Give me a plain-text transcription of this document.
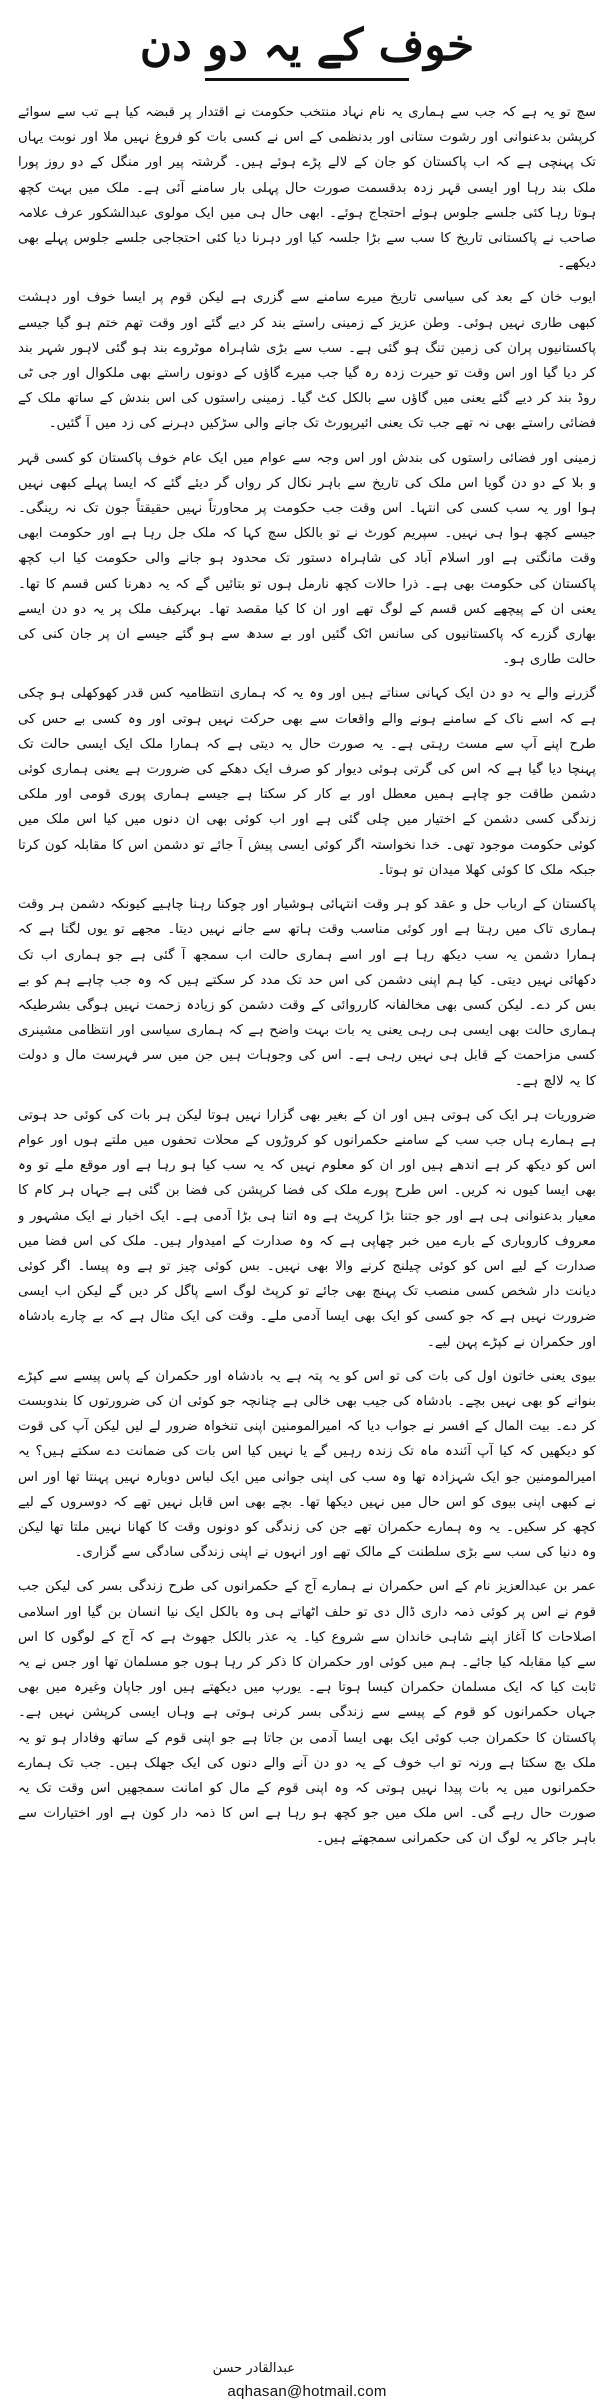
خوف کے یہ دو دن

سچ تو یہ ہے کہ جب سے ہماری یہ نام نہاد منتخب حکومت نے اقتدار پر قبضہ کیا ہے تب سے سوائے کرپشن بدعنوانی اور رشوت ستانی اور بدنظمی کے اس نے کسی بات کو فروغ نہیں ملا اور نوبت یہاں تک پہنچی ہے کہ اب پاکستان کو جان کے لالے پڑے ہوئے ہیں۔ گرشتہ پیر اور منگل کے دو روز پورا ملک بند رہا اور ایسی قہر زدہ بدقسمت صورت حال پہلی بار سامنے آئی ہے۔ ملک میں بہت کچھ ہوتا رہا کئی جلسے جلوس ہوئے احتجاج ہوئے۔ ابھی حال ہی میں ایک مولوی عبدالشکور عرف علامہ صاحب نے پاکستانی تاریخ کا سب سے بڑا جلسہ کیا اور دہرنا دیا کئی احتجاجی جلسے جلوس پہلے بھی دیکھے۔

ایوب خان کے بعد کی سیاسی تاریخ میرے سامنے سے گزری ہے لیکن قوم پر ایسا خوف اور دہشت کبھی طاری نہیں ہوئی۔ وطن عزیز کے زمینی راستے بند کر دیے گئے اور وقت تھم ختم ہو گیا جیسے پاکستانیوں پران کی زمین تنگ ہو گئی ہے۔ سب سے بڑی شاہراہ موٹروے بند ہو گئی لاہور شہر بند کر دیا گیا اور اس وقت تو حیرت زدہ رہ گیا جب میرے گاؤں کے دونوں راستے بھی ملکوال اور جی ٹی روڈ بند کر دیے گئے یعنی میں گاؤں سے بالکل کٹ گیا۔ زمینی راستوں کی اس بندش کے ساتھ ملک کے فضائی راستے بھی نہ تھے جب تک یعنی ائیرپورٹ تک جانے والی سڑکیں دہرنے کی زد میں آ گئیں۔

زمینی اور فضائی راستوں کی بندش اور اس وجہ سے عوام میں ایک عام خوف پاکستان کو کسی قہر و بلا کے دو دن گویا اس ملک کی تاریخ سے باہر نکال کر رواں گر دیئے گئے کہ ایسا پہلے کبھی نہیں ہوا اور یہ سب کسی کی انتہا۔ اس وقت جب حکومت پر محاورتاً نہیں حقیقتاً جون تک نہ رینگی۔ جیسے کچھ ہوا ہی نہیں۔ سپریم کورٹ نے تو بالکل سچ کہا کہ ملک جل رہا ہے اور حکومت ابھی وقت مانگتی ہے اور اسلام آباد کی شاہراہ دستور تک محدود ہو جانے والی حکومت کیا اب کچھ پاکستان کی حکومت بھی ہے۔ ذرا حالات کچھ نارمل ہوں تو بتائیں گے کہ یہ دھرنا کس قسم کا تھا۔ یعنی ان کے پیچھے کس قسم کے لوگ تھے اور ان کا کیا مقصد تھا۔ بہرکیف ملک پر یہ دو دن ایسے بھاری گزرے کہ پاکستانیوں کی سانس اٹک گئیں اور بے سدھ سے ہو گئے جیسے ان پر جان کنی کی حالت طاری ہو۔

گزرنے والے یہ دو دن ایک کہانی سناتے ہیں اور وہ یہ کہ ہماری انتظامیہ کس قدر کھوکھلی ہو چکی ہے کہ اسے ناک کے سامنے ہونے والے واقعات سے بھی حرکت نہیں ہوتی اور وہ کسی بے حس کی طرح اپنے آپ سے مست رہتی ہے۔ یہ صورت حال یہ دیتی ہے کہ ہمارا ملک ایک ایسی حالت تک پہنچا دیا گیا ہے کہ اس کی گرتی ہوئی دیوار کو صرف ایک دھکے کی ضرورت ہے یعنی ہماری کوئی دشمن طاقت جو چاہے ہمیں معطل اور بے کار کر سکتا ہے جیسے ہماری پوری قومی اور ملکی زندگی کسی دشمن کے اختیار میں چلی گئی ہے اور اب کوئی بھی ان دنوں میں کیا اس ملک میں کوئی حکومت موجود تھی۔ خدا نخواستہ اگر کوئی ایسی پیش آ جائے تو دشمن اس کا مقابلہ کون کرتا جبکہ ملک کا کوئی کھلا میدان تو ہوتا۔

پاکستان کے ارباب حل و عقد کو ہر وقت انتہائی ہوشیار اور چوکنا رہنا چاہیے کیونکہ دشمن ہر وقت ہماری تاک میں رہتا ہے اور کوئی مناسب وقت ہاتھ سے جانے نہیں دیتا۔ مجھے تو یوں لگتا ہے کہ ہمارا دشمن یہ سب دیکھ رہا ہے اور اسے ہماری حالت اب سمجھ آ گئی ہے جو ہماری اب تک دکھائی نہیں دیتی۔ کیا ہم اپنی دشمن کی اس حد تک مدد کر سکتے ہیں کہ وہ جب چاہے ہم کو بے بس کر دے۔ لیکن کسی بھی مخالفانہ کارروائی کے وقت دشمن کو زیادہ زحمت نہیں ہوگی بشرطیکہ ہماری حالت بھی ایسی ہی رہی یعنی یہ بات بہت واضح ہے کہ ہماری سیاسی اور انتظامی مشینری کسی مزاحمت کے قابل ہی نہیں رہی ہے۔ اس کی وجوہات ہیں جن میں سر فہرست مال و دولت کا یہ لالچ ہے۔

ضروریات ہر ایک کی ہوتی ہیں اور ان کے بغیر بھی گزارا نہیں ہوتا لیکن ہر بات کی کوئی حد ہوتی ہے ہمارے ہاں جب سب کے سامنے حکمرانوں کو کروڑوں کے محلات تحفوں میں ملتے ہوں اور عوام اس کو دیکھ کر ہے اندھے ہیں اور ان کو معلوم نہیں کہ یہ سب کیا ہو رہا ہے اور موقع ملے تو وہ بھی ایسا کیوں نہ کریں۔ اس طرح پورے ملک کی فضا کرپشن کی فضا بن گئی ہے جہاں ہر کام کا معیار بدعنوانی ہی ہے اور جو جتنا بڑا کرپٹ ہے وہ اتنا ہی بڑا آدمی ہے۔ ایک اخبار نے ایک مشہور و معروف کاروباری کے بارے میں خبر چھاپی ہے کہ وہ صدارت کے امیدوار ہیں۔ ملک کی اس فضا میں صدارت کے لیے اس کو کوئی چیلنج کرنے والا بھی نہیں۔ بس کوئی چیز تو ہے وہ پیسا۔ اگر کوئی دیانت دار شخص کسی منصب تک پہنچ بھی جائے تو کرپٹ لوگ اسے پاگل کر دیں گے لیکن اب ایسی ضرورت نہیں ہے کہ جو کسی کو ایک بھی ایسا آدمی ملے۔ وقت کی ایک مثال ہے کہ بے چارے بادشاہ اور حکمران نے کپڑے پہن لیے۔

بیوی یعنی خاتون اول کی بات کی تو اس کو یہ پتہ ہے یہ بادشاہ اور حکمران کے پاس پیسے سے کپڑے بنوانے کو بھی نہیں بچے۔ بادشاہ کی جیب بھی خالی ہے چنانچہ جو کوئی ان کی ضرورتوں کا بندوبست کر دے۔ بیت المال کے افسر نے جواب دیا کہ امیرالمومنین اپنی تنخواہ ضرور لے لیں لیکن آپ کی قوت کو دیکھیں کہ کیا آپ آئندہ ماہ تک زندہ رہیں گے یا نہیں کیا اس بات کی ضمانت دے سکتے ہیں؟ یہ امیرالمومنین جو ایک شہزادہ تھا وہ سب کی اپنی جوانی میں ایک لباس دوبارہ نہیں پہنتا تھا اور اس نے کبھی اپنی بیوی کو اس حال میں نہیں دیکھا تھا۔ بچے بھی اس قابل نہیں تھے کہ دوسروں کے لیے کچھ کر سکیں۔ یہ وہ ہمارے حکمران تھے جن کی زندگی کو دونوں وقت کا کھانا نہیں ملتا تھا لیکن وہ دنیا کی سب سے بڑی سلطنت کے مالک تھے اور انہوں نے اپنی زندگی سادگی سے گزاری۔

عمر بن عبدالعزیز نام کے اس حکمران نے ہمارے آج کے حکمرانوں کی طرح زندگی بسر کی لیکن جب قوم نے اس پر کوئی ذمہ داری ڈال دی تو حلف اٹھاتے ہی وہ بالکل ایک نیا انسان بن گیا اور اسلامی اصلاحات کا آغاز اپنے شاہی خاندان سے شروع کیا۔ یہ عذر بالکل جھوٹ ہے کہ آج کے لوگوں کا اس سے کیا مقابلہ کیا جائے۔ ہم میں کوئی اور حکمران کا ذکر کر رہا ہوں جو مسلمان تھا اور جس نے یہ ثابت کیا کہ ایک مسلمان حکمران کیسا ہوتا ہے۔ یورپ میں دیکھتے ہیں اور جاپان وغیرہ میں بھی جہاں حکمرانوں کو قوم کے پیسے سے زندگی بسر کرنی ہوتی ہے وہاں ایسی کرپشن نہیں ہے۔ پاکستان کا حکمران جب کوئی ایک بھی ایسا آدمی بن جاتا ہے جو اپنی قوم کے ساتھ وفادار ہو تو یہ ملک بچ سکتا ہے ورنہ تو اب خوف کے یہ دو دن آنے والے دنوں کی ایک جھلک ہیں۔ جب تک ہمارے حکمرانوں میں یہ بات پیدا نہیں ہوتی کہ وہ اپنی قوم کے مال کو امانت سمجھیں اس وقت تک یہ صورت حال رہے گی۔ اس ملک میں جو کچھ ہو رہا ہے اس کا ذمہ دار کون ہے اور اختیارات سے باہر جاکر یہ لوگ ان کی حکمرانی سمجھتے ہیں۔

عبدالقادر حسن
aqhasan@hotmail.com
